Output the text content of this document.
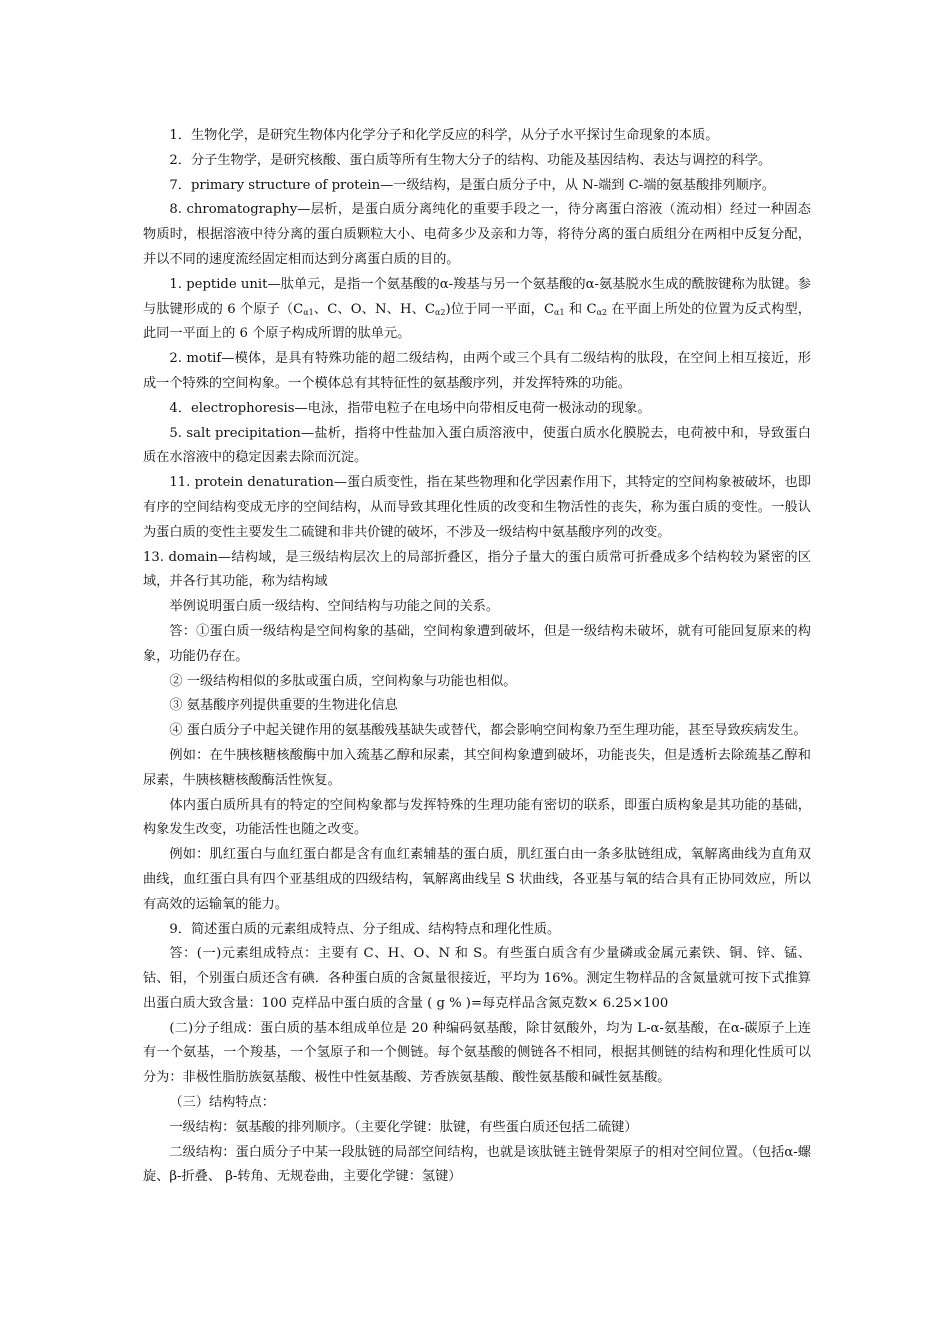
1．生物化学，是研究生物体内化学分子和化学反应的科学，从分子水平探讨生命现象的本质。

2．分子生物学，是研究核酸、蛋白质等所有生物大分子的结构、功能及基因结构、表达与调控的科学。

7．primary structure of protein—一级结构，是蛋白质分子中，从 N-端到 C-端的氨基酸排列顺序。

8. chromatography—层析，是蛋白质分离纯化的重要手段之一，待分离蛋白溶液（流动相）经过一种固态物质时，根据溶液中待分离的蛋白质颗粒大小、电荷多少及亲和力等，将待分离的蛋白质组分在两相中反复分配，并以不同的速度流经固定相而达到分离蛋白质的目的。

1. peptide unit—肽单元，是指一个氨基酸的α-羧基与另一个氨基酸的α-氨基脱水生成的酰胺键称为肽键。参与肽键形成的 6 个原子（$C_{\alpha 1}$、C、O、N、H、$C_{\alpha 2}$)位于同一平面，$C_{\alpha 1}$ 和 $C_{\alpha 2}$ 在平面上所处的位置为反式构型，此同一平面上的 6 个原子构成所谓的肽单元。

2. motif—模体，是具有特殊功能的超二级结构，由两个或三个具有二级结构的肽段，在空间上相互接近，形成一个特殊的空间构象。一个模体总有其特征性的氨基酸序列，并发挥特殊的功能。

4．electrophoresis—电泳，指带电粒子在电场中向带相反电荷一极泳动的现象。

5. salt precipitation—盐析，指将中性盐加入蛋白质溶液中，使蛋白质水化膜脱去，电荷被中和，导致蛋白质在水溶液中的稳定因素去除而沉淀。

11. protein denaturation—蛋白质变性，指在某些物理和化学因素作用下，其特定的空间构象被破坏，也即有序的空间结构变成无序的空间结构，从而导致其理化性质的改变和生物活性的丧失，称为蛋白质的变性。一般认为蛋白质的变性主要发生二硫键和非共价键的破坏，不涉及一级结构中氨基酸序列的改变。

13. domain—结构域，是三级结构层次上的局部折叠区，指分子量大的蛋白质常可折叠成多个结构较为紧密的区域，并各行其功能，称为结构域

举例说明蛋白质一级结构、空间结构与功能之间的关系。

答：①蛋白质一级结构是空间构象的基础，空间构象遭到破坏，但是一级结构未破坏，就有可能回复原来的构象，功能仍存在。

② 一级结构相似的多肽或蛋白质，空间构象与功能也相似。

③ 氨基酸序列提供重要的生物进化信息

④ 蛋白质分子中起关键作用的氨基酸残基缺失或替代，都会影响空间构象乃至生理功能，甚至导致疾病发生。

例如：在牛胰核糖核酸酶中加入巯基乙醇和尿素，其空间构象遭到破坏，功能丧失，但是透析去除巯基乙醇和尿素，牛胰核糖核酸酶活性恢复。

体内蛋白质所具有的特定的空间构象都与发挥特殊的生理功能有密切的联系，即蛋白质构象是其功能的基础，构象发生改变，功能活性也随之改变。

例如：肌红蛋白与血红蛋白都是含有血红素辅基的蛋白质，肌红蛋白由一条多肽链组成，氧解离曲线为直角双曲线，血红蛋白具有四个亚基组成的四级结构，氧解离曲线呈 S 状曲线，各亚基与氧的结合具有正协同效应，所以有高效的运输氧的能力。

9．简述蛋白质的元素组成特点、分子组成、结构特点和理化性质。

答：(一)元素组成特点：主要有 C、H、O、N 和 S。有些蛋白质含有少量磷或金属元素铁、铜、锌、锰、钴、钼，个别蛋白质还含有碘．各种蛋白质的含氮量很接近，平均为 16%。测定生物样品的含氮量就可按下式推算出蛋白质大致含量：100 克样品中蛋白质的含量 ( g % )=每克样品含氮克数× 6.25×100

(二)分子组成：蛋白质的基本组成单位是 20 种编码氨基酸，除甘氨酸外，均为 L-α-氨基酸，在α-碳原子上连有一个氨基，一个羧基，一个氢原子和一个侧链。每个氨基酸的侧链各不相同，根据其侧链的结构和理化性质可以分为：非极性脂肪族氨基酸、极性中性氨基酸、芳香族氨基酸、酸性氨基酸和碱性氨基酸。

（三）结构特点：

一级结构：氨基酸的排列顺序。（主要化学键：肽键，有些蛋白质还包括二硫键）

二级结构：蛋白质分子中某一段肽链的局部空间结构，也就是该肽链主链骨架原子的相对空间位置。（包括α-螺旋、β-折叠、 β-转角、无规卷曲，主要化学键：氢键）
